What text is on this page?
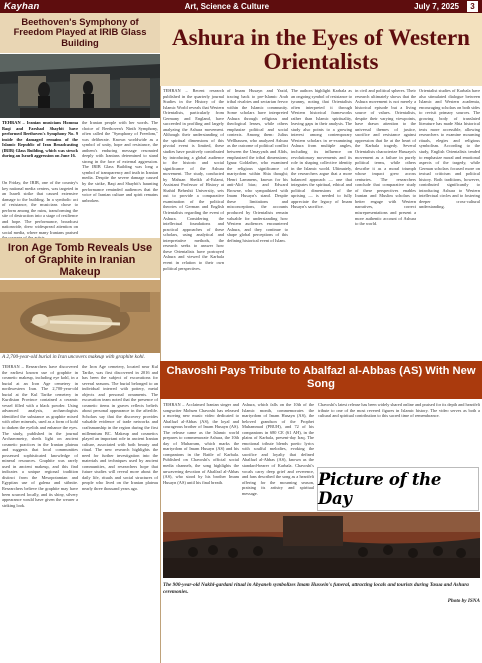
Kayhan	Art, Science & Culture	July 7, 2025	3
Beethoven's Symphony of Freedom Played at IRIB Glass Building
TEHRAN – Iranian musicians Homma Baqi and Farshad Shaybit have performed Beethoven's Symphony No. 9 inside the damaged remains of the Islamic Republic of Iran Broadcasting (IRIB) Glass Building, which was struck during an Israeli aggression on June 16.
On Friday, the IRIB, one of the country's key national media centers, was targeted in an Israeli strike that caused extensive damage to the building. In a symbolic act of resistance, the musicians chose to perform among the ruins, transforming the site of destruction into a stage of resilience and hope. The performance, broadcast nationwide, drew widespread attention on social media, where many Iranians praised
the Iranian people with her words. The choice of Beethoven's Ninth Symphony, often called the "Symphony of Freedom," was deliberate. Known worldwide as a symbol of unity, hope and resistance, the anthem's enduring message resonated deeply with Iranians determined to stand strong in the face of external aggression. The IRIB Glass Building was long a symbol of transparency and truth in Iranian media. Despite the severe damage caused by the strike, Baqi and Shaybit's haunting performance reminded audiences that the voice of Iranian culture and spirit remains unbroken.
Iron Age Tomb Reveals Use of Graphite in Iranian Makeup
A 2,700-year-old burial in Iran uncovers makeup with graphite kohl.
TEHRAN – Researchers have discovered the earliest known use of graphite in cosmetic makeup, including eye kohl, in a burial at an Iron Age cemetery in northwestern Iran. The 2,700-year-old burial at the Kul Tarike cemetery in Kurdistan Province contained a ceramic vessel filled with a black powder. Using advanced analysis, archaeologists identified the substance as graphite mixed with other minerals, used as a form of kohl to darken the eyelids and enhance the eyes. The study, published in the journal Archaeometry, sheds light on ancient cosmetic practices in the Iranian plateau and suggests that local communities possessed sophisticated knowledge of mineral resources. Graphite was rarely used in ancient makeup, and this find indicates a unique regional tradition distinct from the Mesopotamian and Egyptian use of galena and stibnite. Researchers believe the graphite may have been sourced locally, and its shiny, silvery appearance would have given the wearer a striking look.
the Iron Age cemetery, located near Kul Tarike, was first discovered in 2016 and has been the subject of excavations for several seasons. The burial belonged to an individual interred with pottery, metal objects and personal ornaments. The excavation team noted that the presence of cosmetic items in graves reflects beliefs about personal appearance in the afterlife. Scholars say that the discovery provides valuable evidence of trade networks and craftsmanship in the region during the first millennium BC. Makeup and cosmetics played an important role in ancient Iranian culture, associated with both beauty and ritual. The new research highlights the need for further investigation into the materials and techniques used by ancient communities, and researchers hope that future studies will reveal more about the daily life, rituals and social structures of people who lived on the Iranian plateau nearly three thousand years ago.
Ashura in the Eyes of Western Orientalists
TEHRAN – Recent research published in the quarterly journal Studies in the History of the Islamic World reveals that Western Orientalists, particularly from Germany and England, have succeeded in profiling and largely analyzing the Ashura movement. Although their understanding of the spiritual dimensions of this pivotal event is limited, these studies have positively contributed by introducing a global audience to the historic and social significance of the Ashura movement. The study, conducted by Mahsan Sheikh al-Eslami, Assistant Professor of History at Shahid Beheshti University, sets out to provide a comparative examination of the political theories of German and English Orientalists regarding the event of Ashura. Considering the intellectual foundations and practical approaches of these scholars, using analytical and interpretative methods, the research seeks to answer how these Orientalists have portrayed Ashura and viewed the Karbala event in relation to their own political perspectives.
of Imam Husayn and Yazid, tracing back to pre-Islamic Arab tribal rivalries and sectarian fervor within the Islamic community. Some scholars have interpreted Ashura through religious and theological lenses, while others emphasize political and social contexts. Among them: Julius Wellhausen, who analyzed Ashura as the outcome of political conflict between the Umayyads and Alids, emphasized the tribal dimensions; Ignaz Goldziher, who examined the religious significance of martyrdom within Shia thought; Henri Lammens, known for his anti-Alid bias; and Edward Browne, who sympathized with Imam Husayn's stand. Despite these limitations and misconceptions, the accounts produced by Orientalists remain valuable for understanding how Western audiences encountered Ashura, and they continue to shape global perceptions of this defining historical event of Islam.
The authors highlight Karbala as an ongoing symbol of resistance to tyranny, noting that Orientalists often interpreted it through Western historical frameworks rather than Islamic spirituality, leaving gaps in their analysis. The study also points to a growing interest among contemporary Western scholars in re-examining Ashura from multiple angles, including its influence on revolutionary movements and its role in shaping collective identity in the Islamic world. Ultimately, the researchers argue that a more balanced approach — one that integrates the spiritual, ethical and political dimensions of the uprising — is needed to fully appreciate the legacy of Imam Husayn's sacrifice.
in civil and political spheres. Their research ultimately shows that the Ashura movement is not merely a historical episode but a living source of values. Orientalists, despite their varying viewpoints, have drawn attention to the universal themes of justice, sacrifice and resistance against oppression that lie at the heart of the Karbala tragedy. Several Orientalists characterize Hussayn's movement as a failure in purely political terms, while others describe it as a moral triumph whose impact grew across centuries. The researchers conclude that comparative study of these perspectives enables Iranian and Muslim scholars to better engage with Western narratives, correct misrepresentations and present a more authentic account of Ashura to the world.
Orientalist studies of Karbala have also stimulated dialogue between Islamic and Western academia, encouraging scholars on both sides to revisit primary sources. The growing body of translated literature has made Shia historical texts more accessible, allowing researchers to examine mourning rituals, elegies and religious symbolism. According to the study, English Orientalists tended to emphasize moral and emotional aspects of the tragedy, while German scholars focused more on textual criticism and political history. Both traditions, however, contributed significantly to introducing Ashura to Western intellectual circles and to fostering deeper cross-cultural understanding.
Chavoshi Pays Tribute to Abalfazl al-Abbas (AS) With New Song
TEHRAN – Acclaimed Iranian singer and songwriter Mohsen Chavoshi has released a moving new music video dedicated to Abalfazl al-Abbas (AS), the loyal and courageous brother of Imam Husayn (AS). The release came as the Islamic world prepares to commemorate Ashura, the 10th day of Muharram, which marks the martyrdom of Imam Husayn (AS) and his companions in the Battle of Karbala. Published on Chavoshi's official social media channels, the song highlights the unwavering devotion of Abalfazl al-Abbas (AS), who stood by his brother Imam Husayn (AS) until his final breath.
Ashura, which falls on the 10th of the Islamic month, commemorates the martyrdom of Imam Husayn (AS), the beloved grandson of the Prophet Muhammad (PBUH), and 72 of his companions in 680 CE (61 AH), in the plains of Karbala, present-day Iraq. The emotional tribute blends poetic lyrics with soulful melodies, evoking the sacrifice and loyalty that defined Abalfazl al-Abbas (AS), known as the standard-bearer of Karbala. Chavoshi's vocals carry deep grief and reverence, and fans described the song as a heartfelt offering for the mourning season, praising its artistry and spiritual message.
Chavoshi's latest release has been widely shared online and praised for its depth and heartfelt tribute to one of the most revered figures in Islamic history. The video serves as both a cultural and spiritual contribution to this sacred time of remembrance.
Picture of the Day
The 900-year-old Nakhl-gardani ritual in Abyaneh symbolizes Imam Hussein's funeral, attracting locals and tourists during Tasua and Ashura ceremonies.
Photo by ISNA
